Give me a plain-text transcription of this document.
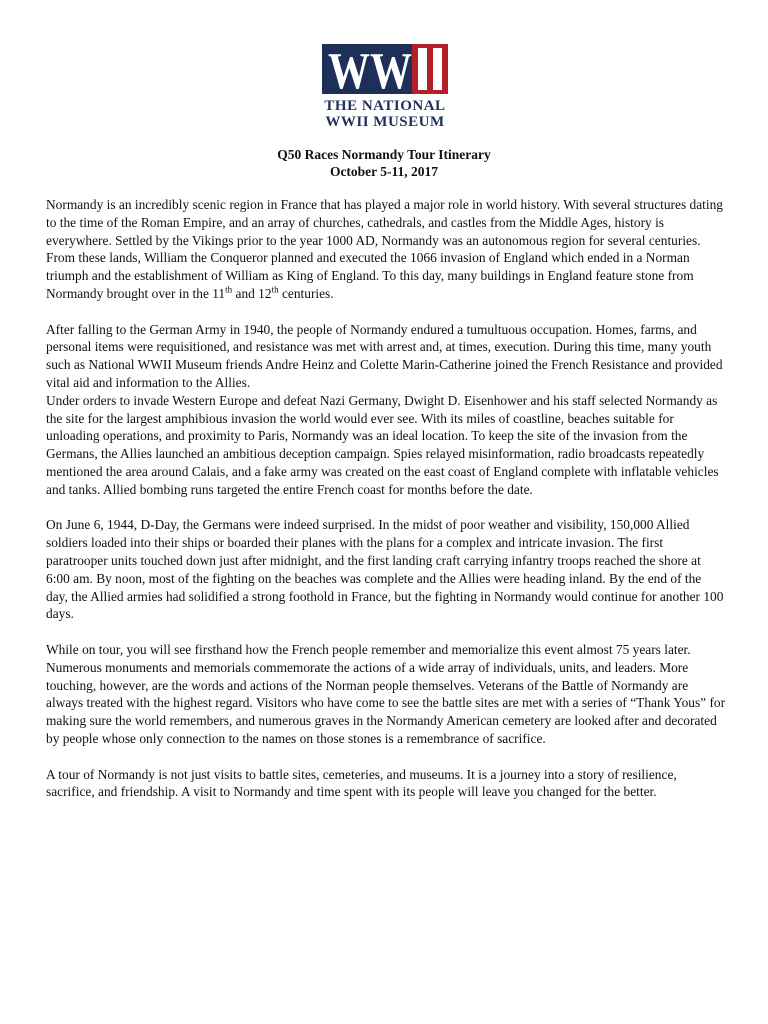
WW
THE NATIONAL
WWII MUSEUM
Q50 Races Normandy Tour Itinerary
October 5-11, 2017

Normandy is an incredibly scenic region in France that has played a major role in world history. With several structures dating to the time of the Roman Empire, and an array of churches, cathedrals, and castles from the Middle Ages, history is everywhere. Settled by the Vikings prior to the year 1000 AD, Normandy was an autonomous region for several centuries. From these lands, William the Conqueror planned and executed the 1066 invasion of England which ended in a Norman triumph and the establishment of William as King of England. To this day, many buildings in England feature stone from Normandy brought over in the 11th and 12th centuries.

After falling to the German Army in 1940, the people of Normandy endured a tumultuous occupation. Homes, farms, and personal items were requisitioned, and resistance was met with arrest and, at times, execution. During this time, many youth such as National WWII Museum friends Andre Heinz and Colette Marin-Catherine joined the French Resistance and provided vital aid and information to the Allies.

Under orders to invade Western Europe and defeat Nazi Germany, Dwight D. Eisenhower and his staff selected Normandy as the site for the largest amphibious invasion the world would ever see. With its miles of coastline, beaches suitable for unloading operations, and proximity to Paris, Normandy was an ideal location. To keep the site of the invasion from the Germans, the Allies launched an ambitious deception campaign. Spies relayed misinformation, radio broadcasts repeatedly mentioned the area around Calais, and a fake army was created on the east coast of England complete with inflatable vehicles and tanks. Allied bombing runs targeted the entire French coast for months before the date.

On June 6, 1944, D-Day, the Germans were indeed surprised. In the midst of poor weather and visibility, 150,000 Allied soldiers loaded into their ships or boarded their planes with the plans for a complex and intricate invasion. The first paratrooper units touched down just after midnight, and the first landing craft carrying infantry troops reached the shore at 6:00 am. By noon, most of the fighting on the beaches was complete and the Allies were heading inland. By the end of the day, the Allied armies had solidified a strong foothold in France, but the fighting in Normandy would continue for another 100 days.

While on tour, you will see firsthand how the French people remember and memorialize this event almost 75 years later. Numerous monuments and memorials commemorate the actions of a wide array of individuals, units, and leaders. More touching, however, are the words and actions of the Norman people themselves. Veterans of the Battle of Normandy are always treated with the highest regard. Visitors who have come to see the battle sites are met with a series of “Thank Yous” for making sure the world remembers, and numerous graves in the Normandy American cemetery are looked after and decorated by people whose only connection to the names on those stones is a remembrance of sacrifice.

A tour of Normandy is not just visits to battle sites, cemeteries, and museums. It is a journey into a story of resilience, sacrifice, and friendship. A visit to Normandy and time spent with its people will leave you changed for the better.
